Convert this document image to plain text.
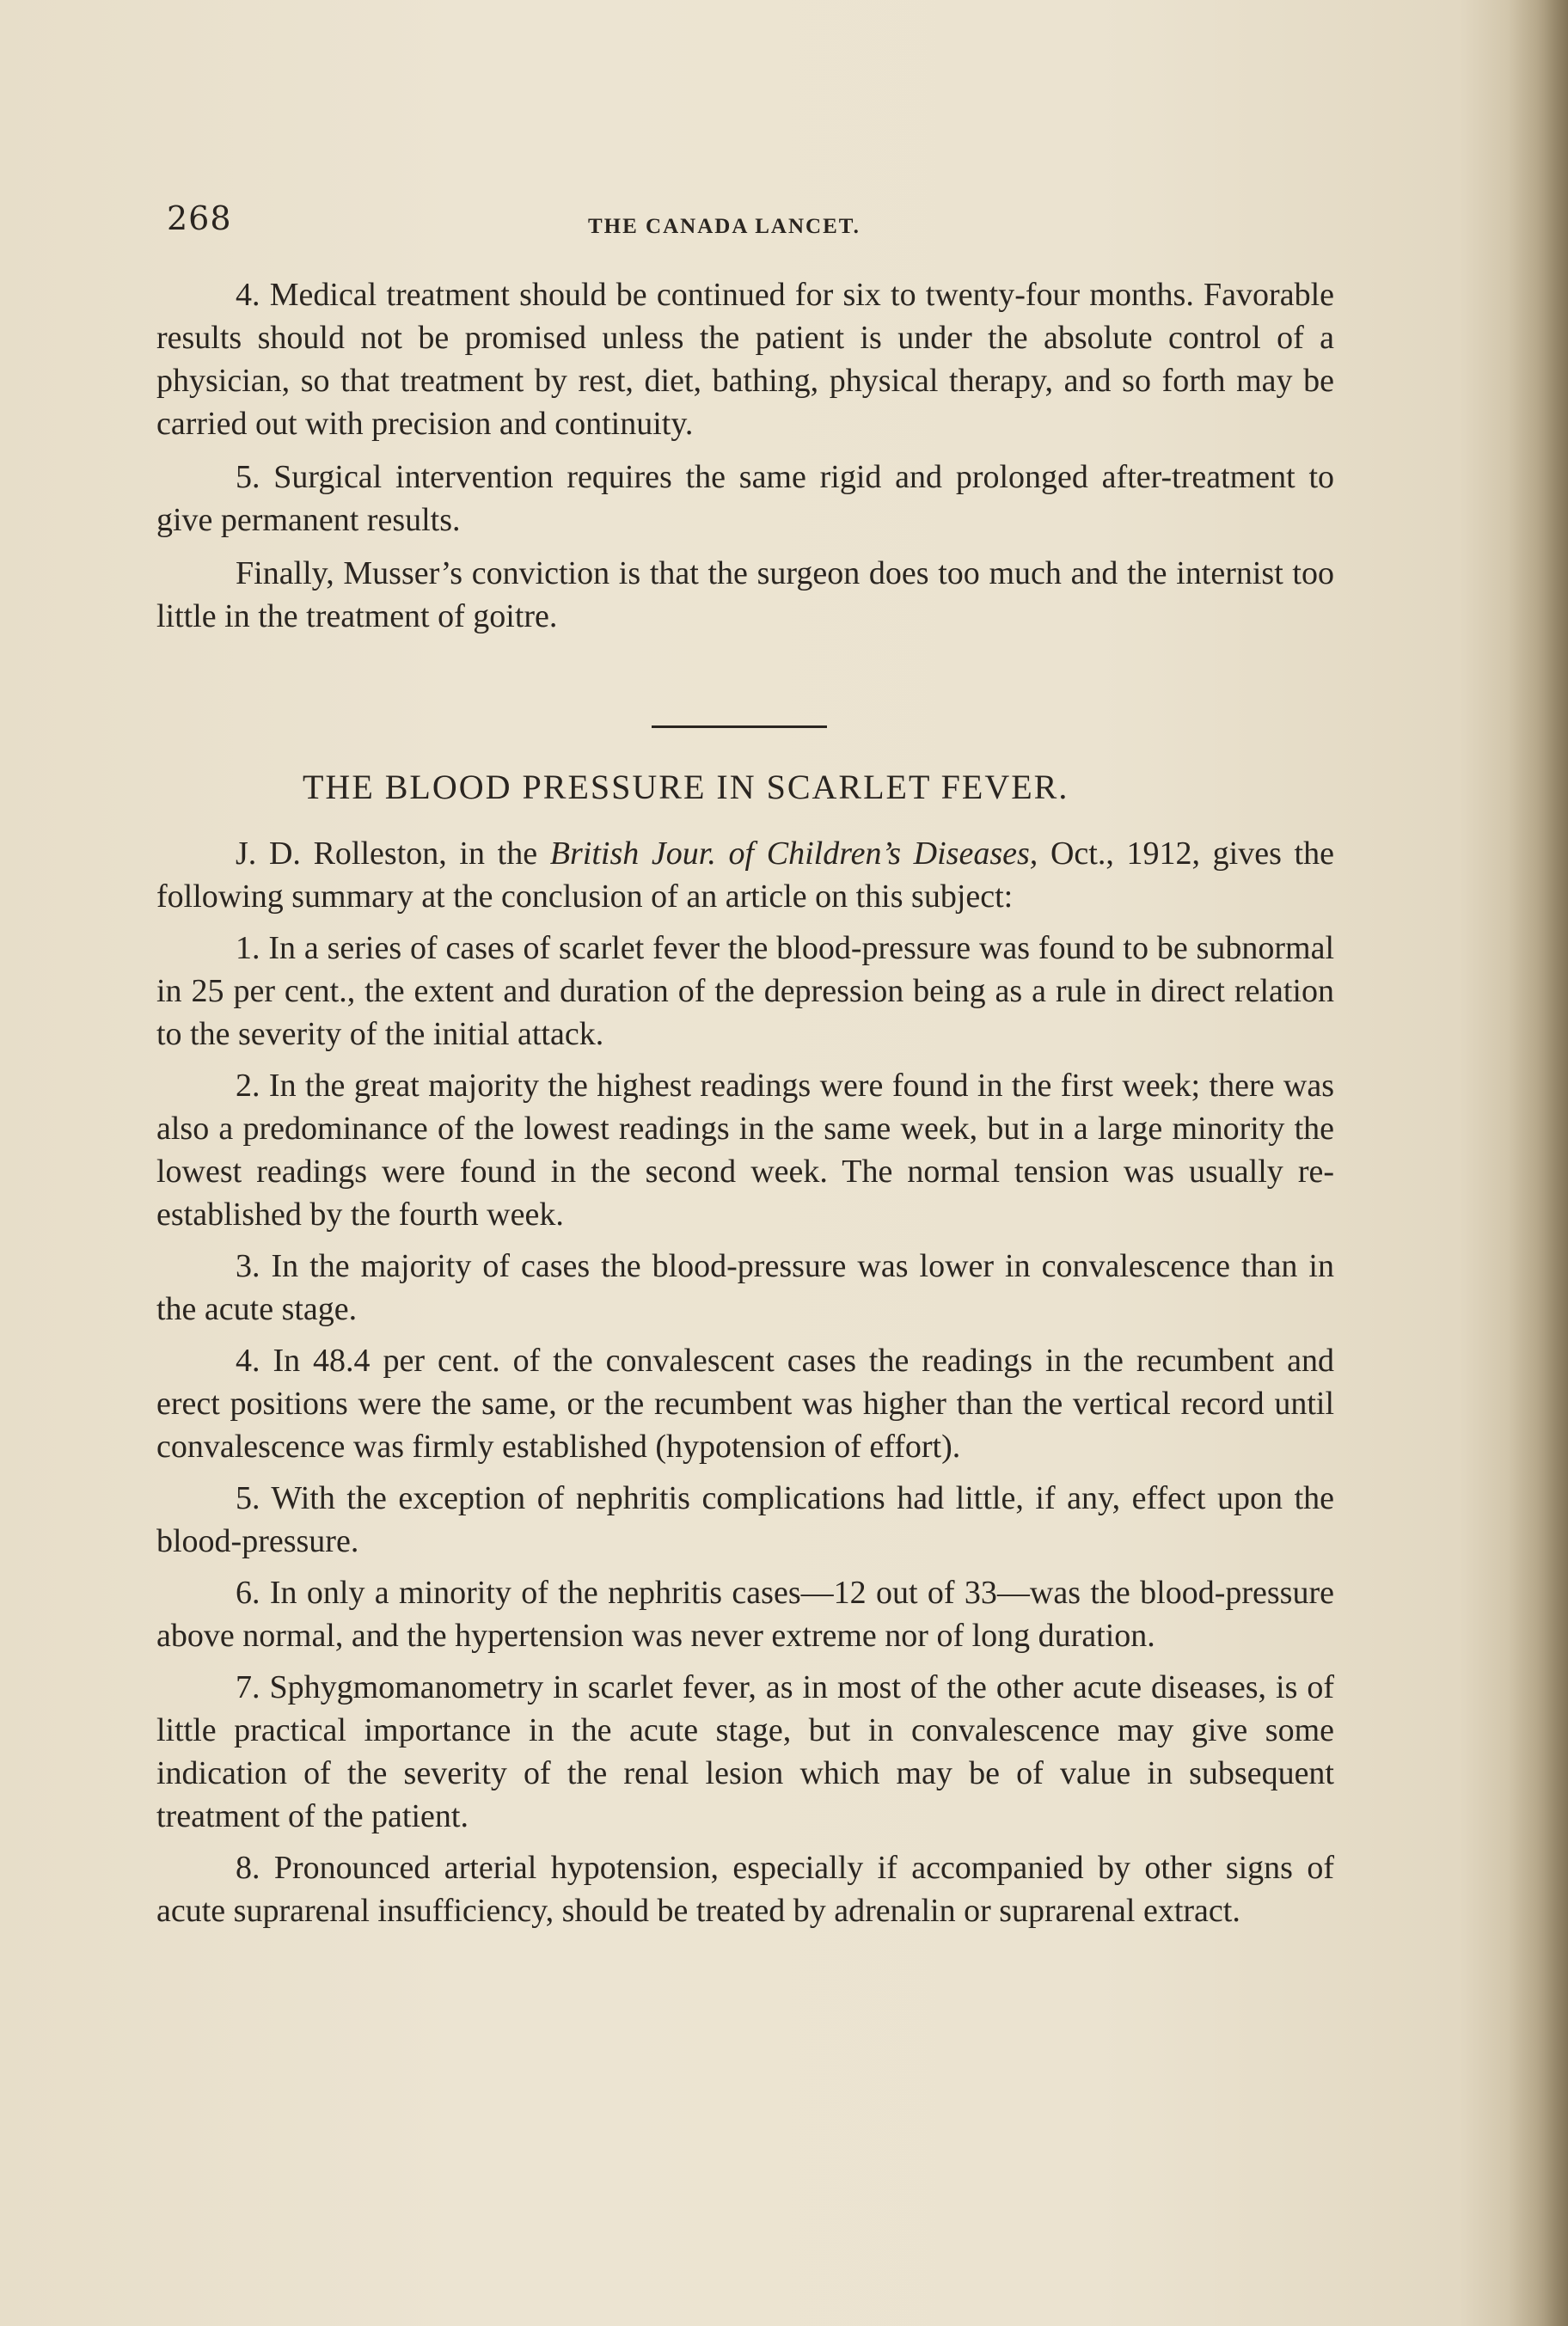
268	THE CANADA LANCET.

4. Medical treatment should be continued for six to twenty-four months. Favorable results should not be promised unless the patient is under the absolute control of a physician, so that treatment by rest, diet, bathing, physical therapy, and so forth may be carried out with precision and continuity.

5. Surgical intervention requires the same rigid and prolonged after-treatment to give permanent results.

Finally, Musser’s conviction is that the surgeon does too much and the internist too little in the treatment of goitre.

THE BLOOD PRESSURE IN SCARLET FEVER.

J. D. Rolleston, in the British Jour. of Children’s Diseases, Oct., 1912, gives the following summary at the conclusion of an article on this subject:

1. In a series of cases of scarlet fever the blood-pressure was found to be subnormal in 25 per cent., the extent and duration of the depression being as a rule in direct relation to the severity of the initial attack.

2. In the great majority the highest readings were found in the first week; there was also a predominance of the lowest readings in the same week, but in a large minority the lowest readings were found in the second week. The normal tension was usually re-established by the fourth week.

3. In the majority of cases the blood-pressure was lower in convalescence than in the acute stage.

4. In 48.4 per cent. of the convalescent cases the readings in the recumbent and erect positions were the same, or the recumbent was higher than the vertical record until convalescence was firmly established (hypotension of effort).

5. With the exception of nephritis complications had little, if any, effect upon the blood-pressure.

6. In only a minority of the nephritis cases—12 out of 33—was the blood-pressure above normal, and the hypertension was never extreme nor of long duration.

7. Sphygmomanometry in scarlet fever, as in most of the other acute diseases, is of little practical importance in the acute stage, but in convalescence may give some indication of the severity of the renal lesion which may be of value in subsequent treatment of the patient.

8. Pronounced arterial hypotension, especially if accompanied by other signs of acute suprarenal insufficiency, should be treated by adrenalin or suprarenal extract.
